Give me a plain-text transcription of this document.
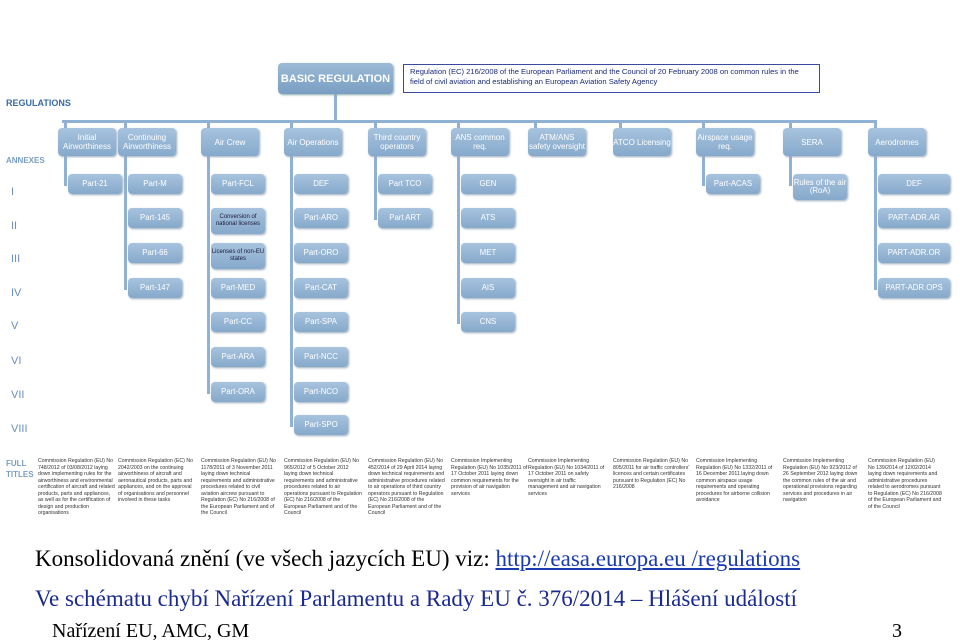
BASIC REGULATION
Regulation (EC) 216/2008 of the European Parliament and the Council of 20 February 2008 on common rules in the field of civil aviation and establishing an European Aviation Safety Agency
REGULATIONS
ANNEXES
FULL TITLES
I
II
III
IV
V
VI
VII
VIII
Initial Airworthiness
Part-21
Commission Regulation (EU) No 748/2012 of 03/08/2012 laying down implementing rules for the airworthiness and environmental certification of aircraft and related products, parts and appliances, as well as for the certification of design and production organisations
Continuing Airworthiness
Part-M
Part-145
Part-66
Part-147
Commission Regulation (EC) No 2042/2003 on the continuing airworthiness of aircraft and aeronautical products, parts and appliances, and on the approval of organisations and personnel involved in these tasks
Air Crew
Part-FCL
Conversion of national licenses
Licenses of non-EU states
Part-MED
Part-CC
Part-ARA
Part-ORA
Commission Regulation (EU) No 1178/2011 of 3 November 2011 laying down technical requirements and administrative procedures related to civil aviation aircrew pursuant to Regulation (EC) No 216/2008 of the European Parliament and of the Council
Air Operations
DEF
Part-ARO
Part-ORO
Part-CAT
Part-SPA
Part-NCC
Part-NCO
Part-SPO
Commission Regulation (EU) No 965/2012 of 5 October 2012 laying down technical requirements and administrative procedures related to air operations pursuant to Regulation (EC) No 216/2008 of the European Parliament and of the Council
Third country operators
Part TCO
Part ART
Commission Regulation (EU) No 452/2014 of 29 April 2014 laying down technical requirements and administrative procedures related to air operations of third country operators pursuant to Regulation (EC) No 216/2008 of the European Parliament and of the Council
ANS common req.
GEN
ATS
MET
AIS
CNS
Commission Implementing Regulation (EU) No 1035/2011 of 17 October 2011 laying down common requirements for the provision of air navigation services
ATM/ANS safety oversight
Commission Implementing Regulation (EU) No 1034/2011 of 17 October 2011 on safety oversight in air traffic management and air navigation services
ATCO Licensing
Commission Regulation (EU) No 805/2011 for air traffic controllers' licences and certain certificates pursuant to Regulation (EC) No 216/2008
Airspace usage req.
Part-ACAS
Commission Implementing Regulation (EU) No 1332/2011 of 16 December 2011 laying down common airspace usage requirements and operating procedures for airborne collision avoidance
SERA
Rules of the air (RoA)
Commission Implementing Regulation (EU) No 923/2012 of 26 September 2012 laying down the common rules of the air and operational provisions regarding services and procedures in air navigation
Aerodromes
DEF
PART-ADR.AR
PART-ADR.OR
PART-ADR.OPS
Commission Regulation (EU) No 139/2014 of 12/02/2014 laying down requirements and administrative procedures related to aerodromes pursuant to Regulation (EC) No 216/2008 of the European Parliament and of the Council
Konsolidovaná znění (ve všech jazycích EU) viz: http://easa.europa.eu /regulations
Ve schématu chybí Nařízení Parlamentu a Rady EU č. 376/2014 – Hlášení událostí
Nařízení EU, AMC, GM	3
